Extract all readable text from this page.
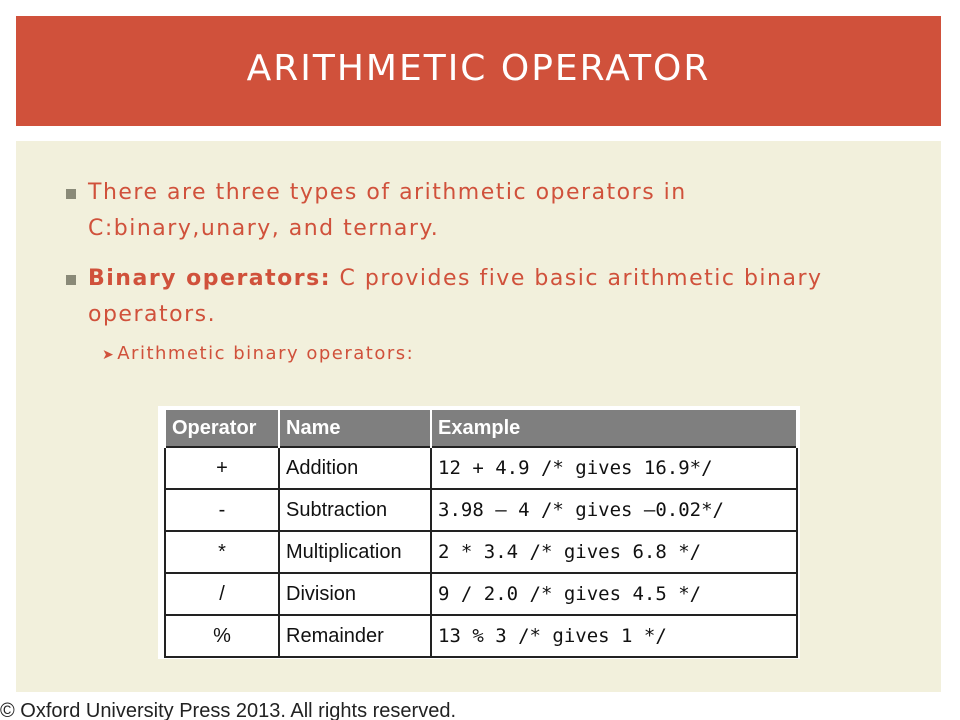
ARITHMETIC OPERATOR
There are three types of arithmetic operators in C:binary,unary, and ternary.
Binary operators: C provides five basic arithmetic binary operators.
➤ Arithmetic binary operators:
Operator	Name	Example
+	Addition	12 + 4.9 /* gives 16.9*/
-	Subtraction	3.98 – 4 /* gives –0.02*/
*	Multiplication	2 * 3.4 /* gives 6.8 */
/	Division	9 / 2.0 /* gives 4.5 */
%	Remainder	13 % 3 /* gives 1 */
© Oxford University Press 2013. All rights reserved.
